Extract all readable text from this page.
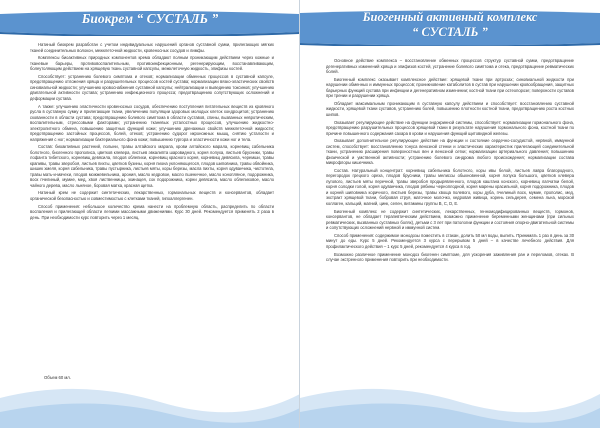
Биокрем “ СУСТАЛЬ ”

Натиный биокрем разработан с учетом индивидуальных нарушений органов суставной сумки, прилегающих мягких тканей соединительных волокон, межклеточной жидкости, кровеносных сосудов и лимфы.

Комплексы биоактивных природных компонентов крема обладают полным проникающим действием через кожные и тканевые барьеры, противовоспалительным, противоинфекционным, регенерирующим, восстанавливающим, болеутоляющим действием на хрящевую ткань суставной капсулы, межклеточную жидкость, эпифизы костей.

Способствует: устранению болевого симптома и отеков; нормализации обменных процессов в суставной капсуле, предотвращению отложения хряща и разрушительных процессов костей сустава; нормализации вязко-эластических свойств синовиальной жидкости; улучшению кровоснабжения суставной капсулы; нейтрализации и выведению токсинов; улучшению двигательной активности сустава; устранению инфекционного процесса; предотвращению сопутствующих осложнений и деформации сустава.

А также: улучшению эластичности кровеносных сосудов, обеспечению поступления питательных веществ из кровяного русла в суставную сумку и прилегающие ткани, увеличению популяции здоровых молодых клеток хондроцитов; устранению скованности в области сустава; предотвращению болевого симптома в области суставов, спины, вызванных невротическим, воспалительным, стрессовыми факторами; устранению тканевых усталостных процессов, улучшению жидкостно-электролитного обмена, повышению защитных функций кожи; улучшению дренажных свойств межклеточной жидкости; предотвращению застойных процессов, болей, отеков; устранению судорог икроножных мышц, снятию усталости и напряжения с ног; нормализации бактериального фона кожи; повышению тургора и эластичности кожи ног и тела.

Состав: биоактивных растений, полыни, травы алтайского марала, крови алтайского марала, корневищ сабельника болотного, биогенного прополиса, цветков клевера, листьев эвкалипта шаровидного, корня лопуха, листьев брусники, травы лофанта тибетского, корневищ девясила, плодов облепихи, корневищ красного корня, корневищ девясила, черемши, травы крапивы, травы зверобоя, листьев пихты, цветков бузины, корня пиона уклоняющегося, плодов шиповника, травы обвойника, шишек хмеля, корня сабельника, травы пустырника, листьев мяты, коры березы, масла пихты, корня одуванчика, чистотела, травы мать-и-мачехи, плодов можжевельника, арония, масло кедровое, масло пшеничное, масло конопляное, подорожника, воск пчелиный, мумие, мед, хвоя лиственницы, эхинацея, сок подорожника, корни девясила, масло облепиховое, масло чайного дерева, масло льняное, боровая матка, красная щетка.

Натиный крем не содержит синтетических, лекарственных, гормональных веществ и консервантов, обладает органической безопасностью и совместимостью с клетками тканей, гипоаллергенен.

Способ применения: небольшое количество крема нанести на проблемную область, распределить по области воспаления и прилегающей области легкими массажными движениями. Курс 30 дней. Рекомендуется применять 2 раза в день. При необходимости курс повторить через 1 месяц.

Объем 60 мл.
Биогенный активный комплекс
“ СУСТАЛЬ ”

Основное действие комплекса – восстановление обменных процессов структур суставной сумки, предотвращение дегенеративных изменений хряща и эпифизов костей, устранение болевого симптома и отека, предотвращение ревматических болей.

Биогенный комплекс оказывает комплексное действие: хрящевой ткани при артрозах; синовиальной жидкости при нарушении обменных и иммунных процессов; проникновение катаболитов в сустав при нарушении кровообращения, защитных барьерных функций сустава при инфекции и дегенеративном изменении; костной ткани при остеопорозе; поверхности суставов при трении и разрушении хряща.

Обладает максимальным проникающим в суставную капсулу действием и способствует: восстановлению суставной жидкости, хрящевой ткани суставов, устранению болей, повышению плотности костной ткани, предотвращению роста костных шипов.

Оказывает регулирующее действие на функции эндокринной системы, способствует: нормализации гормонального фона, предотвращению разрушительных процессов хрящевой ткани в результате нарушения гормонального фона, костной ткани по причине повышенного содержания сахара в крови и нарушения функций щитовидной железы.

Оказывает дополнительное регулирующее действие на функции и состояние сердечно-сосудистой, нервной, иммунной систем, способствует: восстановлению тонуса венозной стенки и эластических характеристик прилегающей соединительной ткани, устранению расширения поверхностных вен и венозной сетки; нормализации артериального давления; повышению физической и умственной активности; устранению болевого синдрома любого происхождения; нормализации состава микрофлоры кишечника.

Состав. Натуральный концентрат: корневищ сабельника болотного, коры ивы белой, листьев лавра благородного, перегородок грецкого ореха, плодов брусники, травы мелиссы обыкновенной, корня лопуха большого, цветков клевера лугового, листьев мяты перечной, травы зверобоя продырявленного, плодов каштана конского, корневищ лапчатки белой, корня солодки голой, корня одуванчика, плодов рябины черноплодной, корня марены красильной, корня подорожника, плодов и корней шиповника коричного, листьев березы, травы хвоща полевого, коры дуба, пчелиный воск, мумие, прополис, мед, экстракт хрящевой ткани, бобровая струя, маточное молочко, кедровая живица, корень сельдерея, семена льна, морской коллаген, кальций, магний, цинк, селен, витамины группы В, С, D, Е.

Биогенный комплекс не содержит синтетических, лекарственных, генномодифицированных веществ, гормонов, консервантов, не обладает терапевтическим действием, возможно применение беременными женщинами (при сильных ревматических, вызванных суставных болях), детьми с 3 лет при патологии функции и состояния опорно-двигательной системы и сопутствующих осложнений нервной и иммунной систем.

Способ применения: содержимое монодозы поместить в стакан, долить 50 мл воды, выпить. Принимать 1 раз в день за 30 минут до еды. Курс 5 дней. Рекомендуется 3 курса с перерывом 5 дней – в качестве лечебного действия. Для профилактического действия – 1 курс 5 дней, рекомендуется 4 курса в год.

Возможно различное применение монодоз биогенен симптоме, для ускорения заживления ран и переломов, отеках. В случае экстренного применения повторить при необходимости.
